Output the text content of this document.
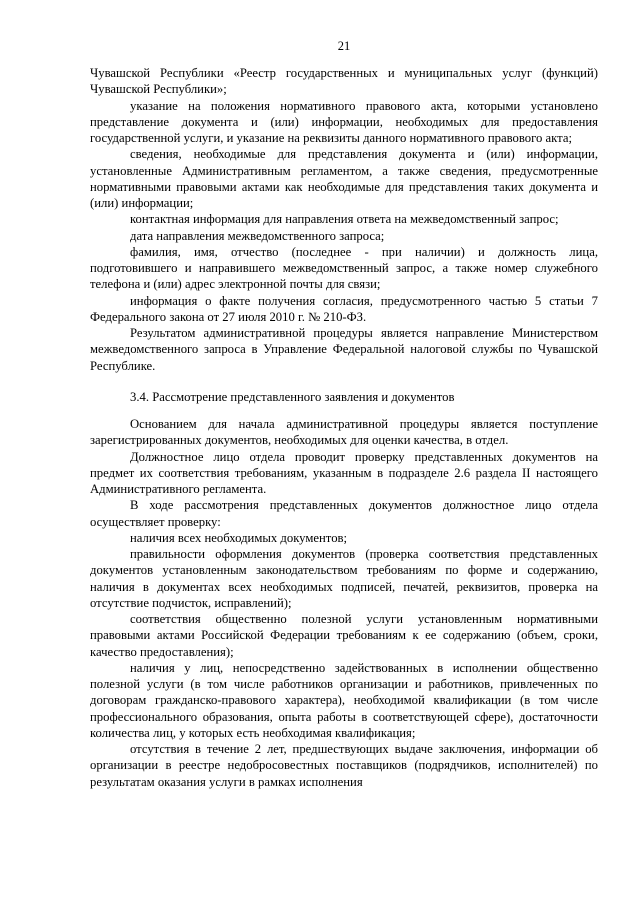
21

Чувашской Республики «Реестр государственных и муниципальных услуг (функций) Чувашской Республики»;

указание на положения нормативного правового акта, которыми установлено представление документа и (или) информации, необходимых для предоставления государственной услуги, и указание на реквизиты данного нормативного правового акта;

сведения, необходимые для представления документа и (или) информации, установленные Административным регламентом, а также сведения, предусмотренные нормативными правовыми актами как необходимые для представления таких документа и (или) информации;

контактная информация для направления ответа на межведомственный запрос;

дата направления межведомственного запроса;

фамилия, имя, отчество (последнее - при наличии) и должность лица, подготовившего и направившего межведомственный запрос, а также номер служебного телефона и (или) адрес электронной почты для связи;

информация о факте получения согласия, предусмотренного частью 5 статьи 7 Федерального закона от 27 июля 2010 г. № 210-ФЗ.

Результатом административной процедуры является направление Министерством межведомственного запроса в Управление Федеральной налоговой службы по Чувашской Республике.

3.4. Рассмотрение представленного заявления и документов

Основанием для начала административной процедуры является поступление зарегистрированных документов, необходимых для оценки качества, в отдел.

Должностное лицо отдела проводит проверку представленных документов на предмет их соответствия требованиям, указанным в подразделе 2.6 раздела II настоящего Административного регламента.

В ходе рассмотрения представленных документов должностное лицо отдела осуществляет проверку:

наличия всех необходимых документов;

правильности оформления документов (проверка соответствия представленных документов установленным законодательством требованиям по форме и содержанию, наличия в документах всех необходимых подписей, печатей, реквизитов, проверка на отсутствие подчисток, исправлений);

соответствия общественно полезной услуги установленным нормативными правовыми актами Российской Федерации требованиям к ее содержанию (объем, сроки, качество предоставления);

наличия у лиц, непосредственно задействованных в исполнении общественно полезной услуги (в том числе работников организации и работников, привлеченных по договорам гражданско-правового характера), необходимой квалификации (в том числе профессионального образования, опыта работы в соответствующей сфере), достаточности количества лиц, у которых есть необходимая квалификация;

отсутствия в течение 2 лет, предшествующих выдаче заключения, информации об организации в реестре недобросовестных поставщиков (подрядчиков, исполнителей) по результатам оказания услуги в рамках исполнения
